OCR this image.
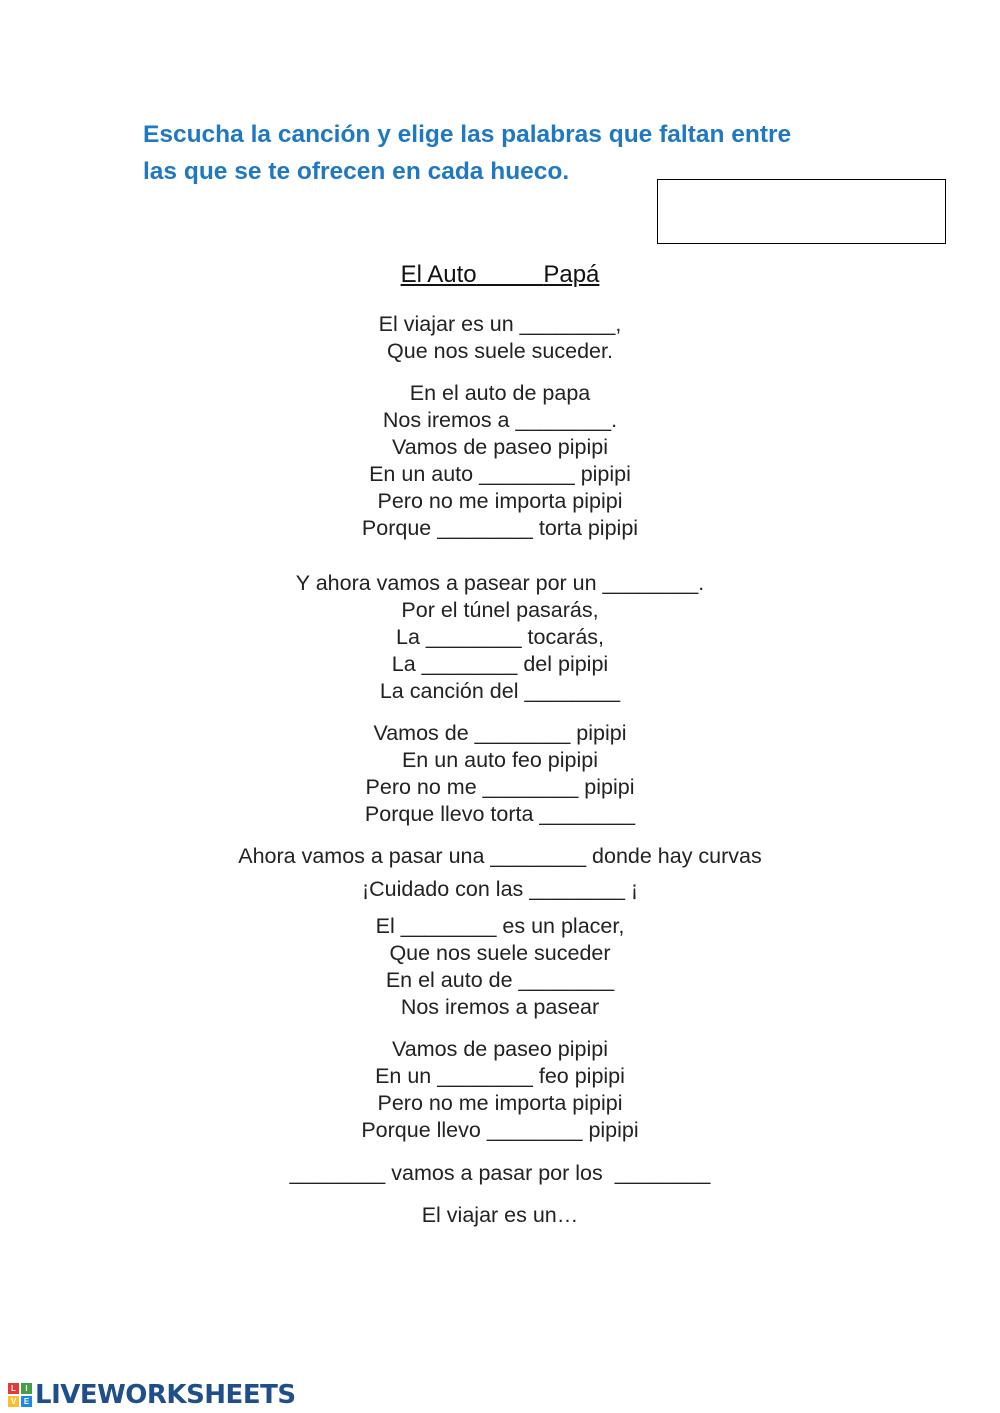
Escucha la canción y elige las palabras que faltan entre
las que se te ofrecen en cada hueco.
El Auto	Papá
El viajar es un ________,
Que nos suele suceder.
En el auto de papa
Nos iremos a ________.
Vamos de paseo pipipi
En un auto ________ pipipi
Pero no me importa pipipi
Porque ________ torta pipipi
Y ahora vamos a pasear por un ________.
Por el túnel pasarás,
La ________ tocarás,
La ________ del pipipi
La canción del ________
Vamos de ________ pipipi
En un auto feo pipipi
Pero no me ________ pipipi
Porque llevo torta ________
Ahora vamos a pasar una ________ donde hay curvas
¡Cuidado con las ________ ¡
El ________ es un placer,
Que nos suele suceder
En el auto de ________
Nos iremos a pasear
Vamos de paseo pipipi
En un ________ feo pipipi
Pero no me importa pipipi
Porque llevo ________ pipipi
________ vamos a pasar por los  ________
El viajar es un…
L	I
V E LIVEWORKSHEETS
